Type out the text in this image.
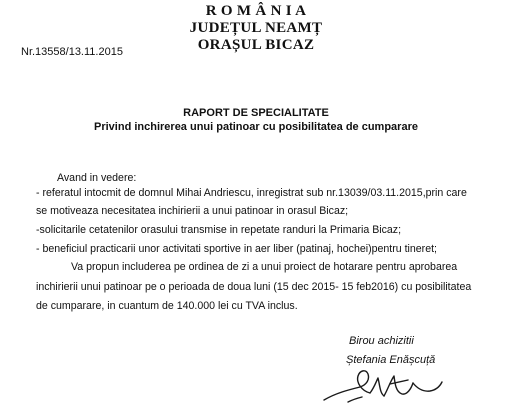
R O M Â N I A
JUDEȚUL NEAMȚ
ORAȘUL BICAZ
Nr.13558/13.11.2015
RAPORT DE SPECIALITATE
Privind inchirerea unui patinoar cu posibilitatea de cumparare
Avand in vedere:
- referatul intocmit de domnul Mihai Andriescu, inregistrat sub nr.13039/03.11.2015,prin care
se motiveaza necesitatea inchirierii a unui patinoar in orasul Bicaz;
-solicitarile cetatenilor orasului transmise in repetate randuri la Primaria Bicaz;
- beneficiul practicarii unor activitati sportive in aer liber (patinaj, hochei)pentru tineret;
Va propun includerea pe ordinea de zi a unui proiect de hotarare pentru aprobarea
inchirierii unui patinoar pe o perioada de doua luni (15 dec 2015- 15 feb2016) cu posibilitatea
de cumparare, in cuantum de 140.000 lei cu TVA inclus.
Birou achizitii
Ștefania Enășcuță
